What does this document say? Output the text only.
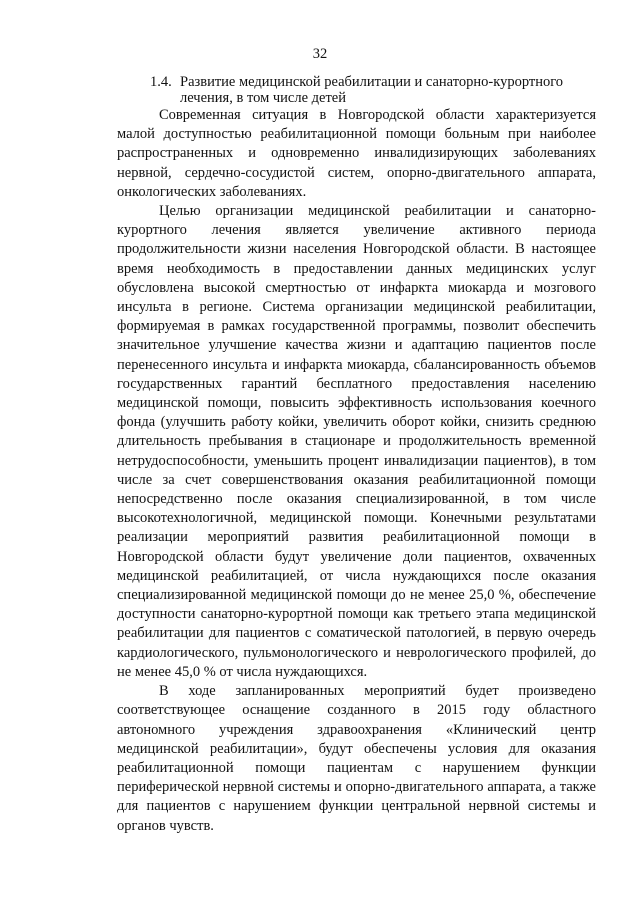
32
1.4. Развитие медицинской реабилитации и санаторно-курортного
лечения, в том числе детей

Современная ситуация в Новгородской области характеризуется малой доступностью реабилитационной помощи больным при наиболее распространенных и одновременно инвалидизирующих заболеваниях нервной, сердечно-сосудистой систем, опорно-двигательного аппарата, онкологических заболеваниях.

Целью организации медицинской реабилитации и санаторно-курортного лечения является увеличение активного периода продолжительности жизни населения Новгородской области. В настоящее время необходимость в предоставлении данных медицинских услуг обусловлена высокой смертностью от инфаркта миокарда и мозгового инсульта в регионе. Система организации медицинской реабилитации, формируемая в рамках государственной программы, позволит обеспечить значительное улучшение качества жизни и адаптацию пациентов после перенесенного инсульта и инфаркта миокарда, сбалансированность объемов государственных гарантий бесплатного предоставления населению медицинской помощи, повысить эффективность использования коечного фонда (улучшить работу койки, увеличить оборот койки, снизить среднюю длительность пребывания в стационаре и продолжительность временной нетрудоспособности, уменьшить процент инвалидизации пациентов), в том числе за счет совершенствования оказания реабилитационной помощи непосредственно после оказания специализированной, в том числе высокотехнологичной, медицинской помощи. Конечными результатами реализации мероприятий развития реабилитационной помощи в Новгородской области будут увеличение доли пациентов, охваченных медицинской реабилитацией, от числа нуждающихся после оказания специализированной медицинской помощи до не менее 25,0 %, обеспечение доступности санаторно-курортной помощи как третьего этапа медицинской реабилитации для пациентов с соматической патологией, в первую очередь кардиологического, пульмонологического и неврологического профилей, до не менее 45,0 % от числа нуждающихся.

В ходе запланированных мероприятий будет произведено соответствующее оснащение созданного в 2015 году областного автономного учреждения здравоохранения «Клинический центр медицинской реабилитации», будут обеспечены условия для оказания реабилитационной помощи пациентам с нарушением функции периферической нервной системы и опорно-двигательного аппарата, а также для пациентов с нарушением функции центральной нервной системы и органов чувств.
